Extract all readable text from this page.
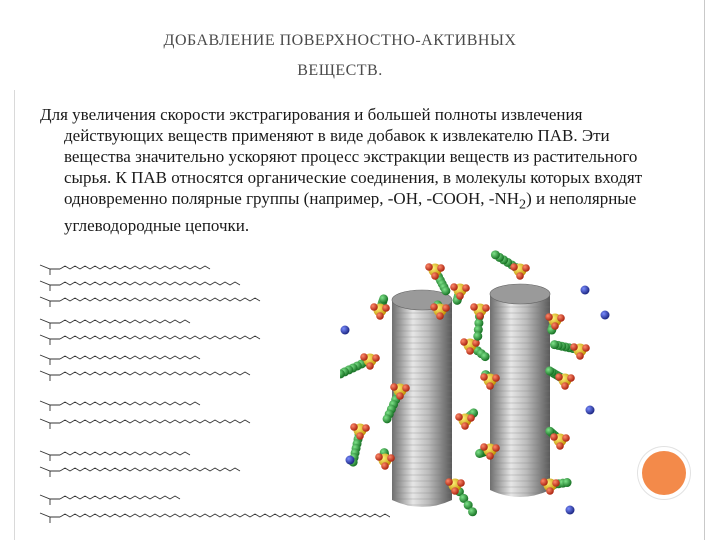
ДОБАВЛЕНИЕ ПОВЕРХНОСТНО-АКТИВНЫХ
ВЕЩЕСТВ.

Для увеличения скорости экстрагирования и большей полноты извлечения действующих веществ применяют в виде добавок к извлекателю ПАВ. Эти вещества значительно ускоряют процесс экстракции веществ из растительного сырья. К ПАВ относятся органические соединения, в молекулы которых входят одновременно полярные группы (например, -OH, -COOH, $-NH_2$) и неполярные углеводородные цепочки.
